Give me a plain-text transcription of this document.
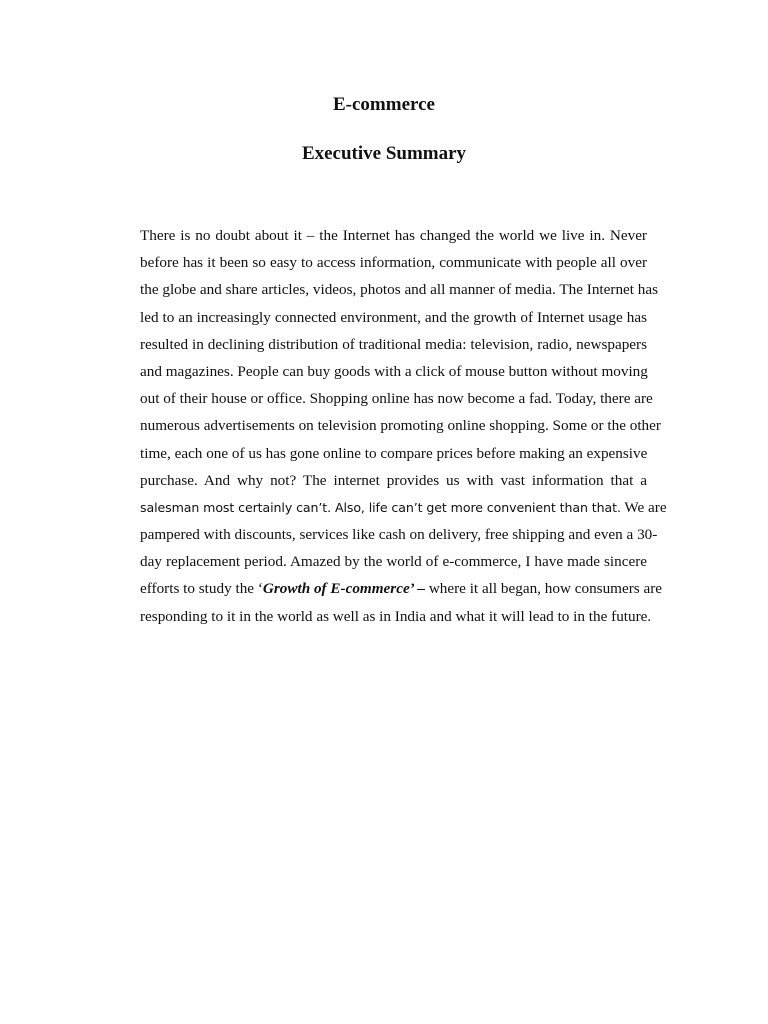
E-commerce
Executive Summary
There is no doubt about it – the Internet has changed the world we live in. Never
before has it been so easy to access information, communicate with people all over
the globe and share articles, videos, photos and all manner of media. The Internet has
led to an increasingly connected environment, and the growth of Internet usage has
resulted in declining distribution of traditional media: television, radio, newspapers
and magazines. People can buy goods with a click of mouse button without moving
out of their house or office. Shopping online has now become a fad. Today, there are
numerous advertisements on television promoting online shopping. Some or the other
time, each one of us has gone online to compare prices before making an expensive
purchase. And why not? The internet provides us with vast information that a
salesman most certainly can’t. Also, life can’t get more convenient than that. We are
pampered with discounts, services like cash on delivery, free shipping and even a 30-
day replacement period. Amazed by the world of e-commerce, I have made sincere
efforts to study the ‘Growth of E-commerce’ – where it all began, how consumers are
responding to it in the world as well as in India and what it will lead to in the future.
